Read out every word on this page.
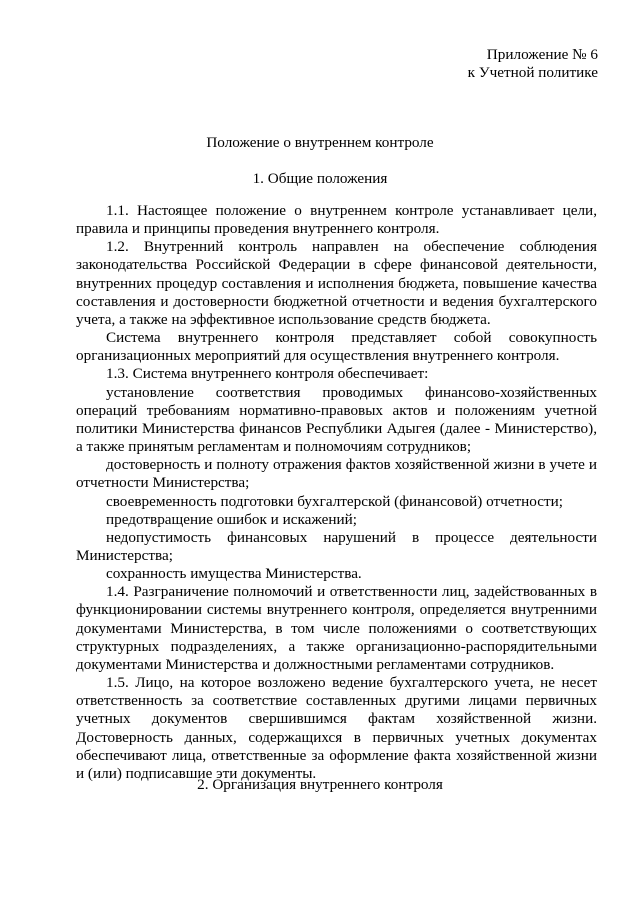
Приложение № 6
к Учетной политике
Положение о внутреннем контроле
1. Общие положения

1.1. Настоящее положение о внутреннем контроле устанавливает цели, правила и принципы проведения внутреннего контроля.

1.2. Внутренний контроль направлен на обеспечение соблюдения законодательства Российской Федерации в сфере финансовой деятельности, внутренних процедур составления и исполнения бюджета, повышение качества составления и достоверности бюджетной отчетности и ведения бухгалтерского учета, а также на эффективное использование средств бюджета.

Система внутреннего контроля представляет собой совокупность организационных мероприятий для осуществления внутреннего контроля.

1.3. Система внутреннего контроля обеспечивает:

установление соответствия проводимых финансово-хозяйственных операций требованиям нормативно-правовых актов и положениям учетной политики Министерства финансов Республики Адыгея (далее - Министерство), а также принятым регламентам и полномочиям сотрудников;

достоверность и полноту отражения фактов хозяйственной жизни в учете и отчетности Министерства;

своевременность подготовки бухгалтерской (финансовой) отчетности;

предотвращение ошибок и искажений;

недопустимость финансовых нарушений в процессе деятельности Министерства;

сохранность имущества Министерства.

1.4. Разграничение полномочий и ответственности лиц, задействованных в функционировании системы внутреннего контроля, определяется внутренними документами Министерства, в том числе положениями о соответствующих структурных подразделениях, а также организационно-распорядительными документами Министерства и должностными регламентами сотрудников.

1.5. Лицо, на которое возложено ведение бухгалтерского учета, не несет ответственность за соответствие составленных другими лицами первичных учетных документов свершившимся фактам хозяйственной жизни. Достоверность данных, содержащихся в первичных учетных документах обеспечивают лица, ответственные за оформление факта хозяйственной жизни и (или) подписавшие эти документы.

2. Организация внутреннего контроля
